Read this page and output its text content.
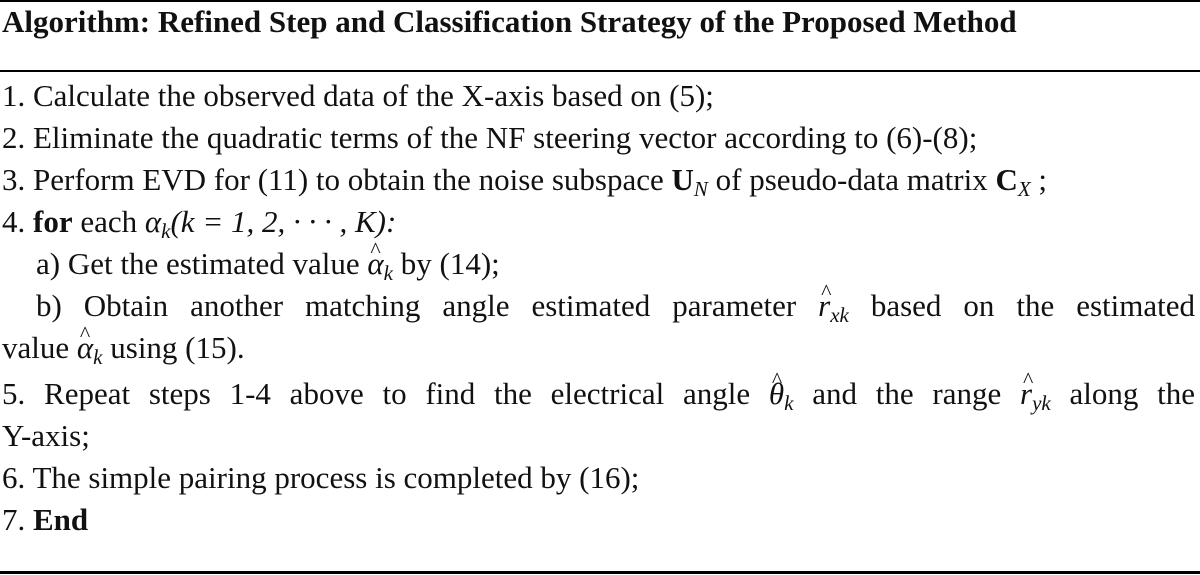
Algorithm: Refined Step and Classification Strategy of the Proposed Method
1. Calculate the observed data of the X-axis based on (5);
2. Eliminate the quadratic terms of the NF steering vector according to (6)-(8);
3. Perform EVD for (11) to obtain the noise subspace $U_N$ of pseudo-data matrix $C_X$ ;
4. for each $\alpha_k(k = 1$, 2, · · · , K):
a) Get the estimated value ^ $\alpha_k$ by (14);
b) Obtain another matching angle estimated parameter ^ $r_{xk}$ based on the estimated
value ^ $\alpha_k$ using (15).
5. Repeat steps 1-4 above to find the electrical angle ^ $\theta_k$ and the range ^ $r_{yk}$ along the
Y-axis;
6. The simple pairing process is completed by (16);
7. End
